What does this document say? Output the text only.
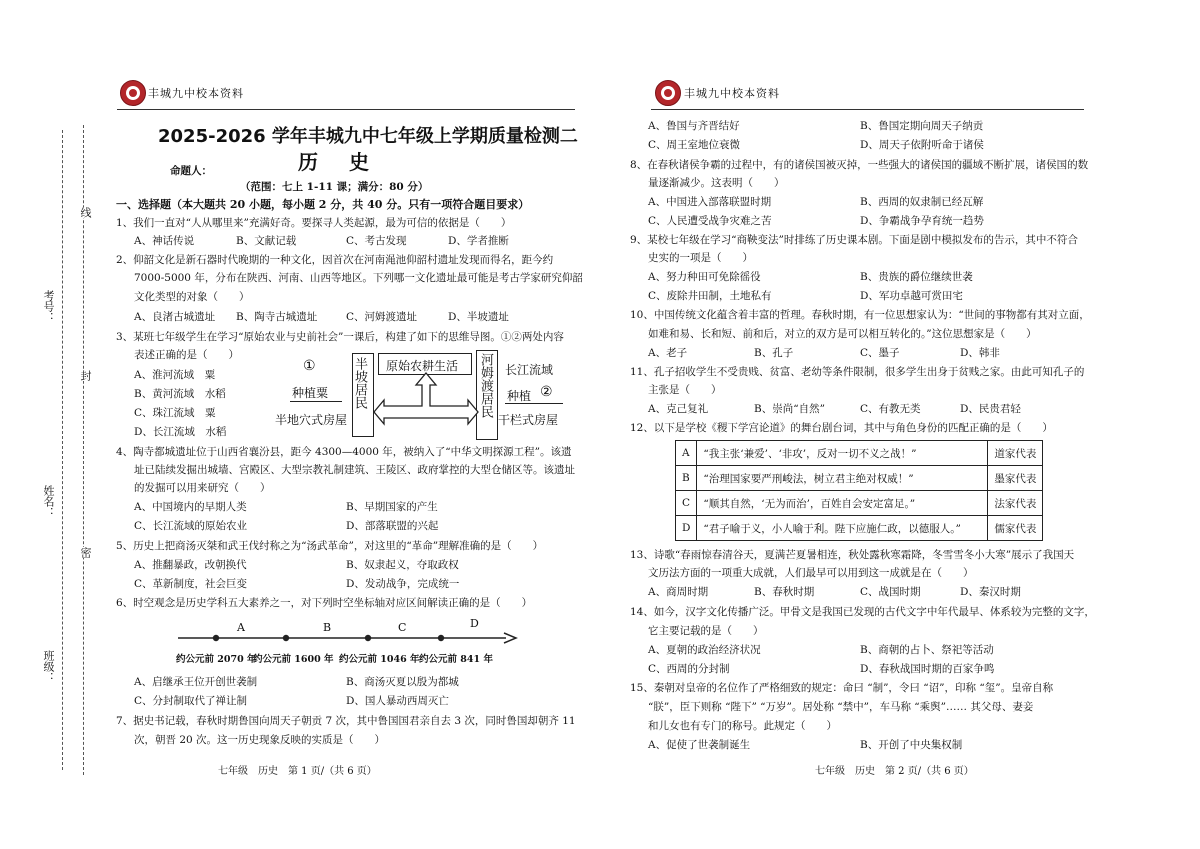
丰城九中校本资料
考号：
姓名：
班级：
线
封
密
2025-2026 学年丰城九中七年级上学期质量检测二
历 史
命题人：
（范围：七上 1-11 课；满分：80 分）
一、选择题（本大题共 20 小题，每小题 2 分，共 40 分。只有一项符合题目要求）
1、我们一直对“人从哪里来”充满好奇。要探寻人类起源，最为可信的依据是（　　）
A、神话传说	B、文献记载	C、考古发现	D、学者推断
2、仰韶文化是新石器时代晚期的一种文化，因首次在河南渑池仰韶村遗址发现而得名，距今约
7000-5000 年，分布在陕西、河南、山西等地区。下列哪一文化遗址最可能是考古学家研究仰韶
文化类型的对象（　　）
A、良渚古城遗址 B、陶寺古城遗址	C、河姆渡遗址	D、半坡遗址
3、某班七年级学生在学习“原始农业与史前社会”一课后，构建了如下的思维导图。①②两处内容
表述正确的是（　　）
A、淮河流域　粟
B、黄河流域　水稻
C、珠江流域　粟
D、长江流域　水稻
①
种植粟
半地穴式房屋
半坡居民 原始农耕生活 河姆渡居民 长江流域
种植 ②
干栏式房屋
4、陶寺都城遗址位于山西省襄汾县，距今 4300—4000 年，被纳入了“中华文明探源工程”。该遗
址已陆续发掘出城墙、宫殿区、大型宗教礼制建筑、王陵区、政府掌控的大型仓储区等。该遗址
的发掘可以用来研究（　　）
A、中国境内的早期人类	B、早期国家的产生
C、长江流域的原始农业	D、部落联盟的兴起
5、历史上把商汤灭桀和武王伐纣称之为“汤武革命”，对这里的“革命”理解准确的是（　　）
A、推翻暴政，改朝换代	B、奴隶起义，夺取政权
C、革新制度，社会巨变	D、发动战争，完成统一
6、时空观念是历史学科五大素养之一，对下列时空坐标轴对应区间解读正确的是（　　）
A	B	C	D
约公元前 2070 年
约公元前 1600 年 约公元前 1046 年 约公元前 841 年
A、启继承王位开创世袭制	B、商汤灭夏以殷为都城
C、分封制取代了禅让制	D、国人暴动西周灭亡
7、据史书记载，春秋时期鲁国向周天子朝贡 7 次，其中鲁国国君亲自去 3 次，同时鲁国却朝齐 11
次，朝晋 20 次。这一历史现象反映的实质是（　　）
七年级　历史　第 1 页/（共 6 页）
丰城九中校本资料
A、鲁国与齐晋结好	B、鲁国定期向周天子纳贡
C、周王室地位衰微	D、周天子依附听命于诸侯
8、在春秋诸侯争霸的过程中，有的诸侯国被灭掉，一些强大的诸侯国的疆域不断扩展，诸侯国的数
量逐渐减少。这表明（　　）
A、中国进入部落联盟时期	B、西周的奴隶制已经瓦解
C、人民遭受战争灾难之苦	D、争霸战争孕育统一趋势
9、某校七年级在学习“商鞅变法”时排练了历史课本剧。下面是剧中模拟发布的告示，其中不符合
史实的一项是（　　）
A、努力种田可免除徭役	B、贵族的爵位继续世袭
C、废除井田制，土地私有	D、军功卓越可赏田宅
10、中国传统文化蕴含着丰富的哲理。春秋时期，有一位思想家认为：“世间的事物都有其对立面，
如难和易、长和短、前和后，对立的双方是可以相互转化的。”这位思想家是（　　）
A、老子	B、孔子	C、墨子	D、韩非
11、孔子招收学生不受贵贱、贫富、老幼等条件限制，很多学生出身于贫贱之家。由此可知孔子的
主张是（　　）
A、克己复礼	B、崇尚“自然”	C、有教无类	D、民贵君轻
12、以下是学校《稷下学宫论道》的舞台剧台词，其中与角色身份的匹配正确的是（　　）
A	“我主张‘兼爱’、‘非攻’，反对一切不义之战！”	道家代表
B	“治理国家要严刑峻法，树立君主绝对权威！”	墨家代表
C	“顺其自然，‘无为而治’，百姓自会安定富足。”	法家代表
D	“君子喻于义，小人喻于利。陛下应施仁政，以德服人。”	儒家代表
13、诗歌“春雨惊春清谷天，夏满芒夏暑相连，秋处露秋寒霜降，冬雪雪冬小大寒”展示了我国天
文历法方面的一项重大成就，人们最早可以用到这一成就是在（　　）
A、商周时期	B、春秋时期	C、战国时期	D、秦汉时期
14、如今，汉字文化传播广泛。甲骨文是我国已发现的古代文字中年代最早、体系较为完整的文字，
它主要记载的是（　　）
A、夏朝的政治经济状况	B、商朝的占卜、祭祀等活动
C、西周的分封制	D、春秋战国时期的百家争鸣
15、秦朝对皇帝的名位作了严格细致的规定：命曰 “制”，令曰 “诏”，印称 “玺”。皇帝自称
“朕”，臣下则称 “陛下” “万岁”。居处称 “禁中”，车马称 “乘舆”…… 其父母、妻妾
和儿女也有专门的称号。此规定（　　）
A、促使了世袭制诞生	B、开创了中央集权制
七年级　历史　第 2 页/（共 6 页）
